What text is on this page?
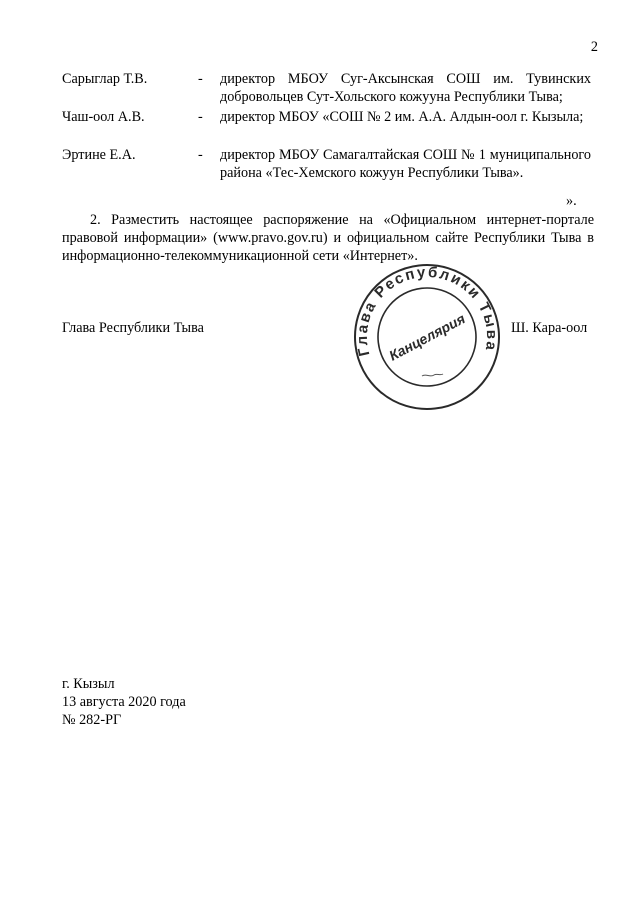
2
Сарыглар Т.В.	- директор МБОУ Суг-Аксынская СОШ им. Тувинских добровольцев Сут-Хольского кожууна Республики Тыва;
Чаш-оол А.В.	- директор МБОУ «СОШ № 2 им. А.А. Алдын-оол г. Кызыла;
Эртине Е.А.	- директор МБОУ Самагалтайская СОШ № 1 муниципального района «Тес-Хемского кожуун Республики Тыва».
».
2. Разместить настоящее распоряжение на «Официальном интернет-портале правовой информации» (www.pravo.gov.ru) и официальном сайте Республики Тыва в информационно-телекоммуникационной сети «Интернет».
Глава Республики Тыва
Глава Республики Тыва
Канцелярия	Ш. Кара-оол
г. Кызыл
13 августа 2020 года
№ 282-РГ
